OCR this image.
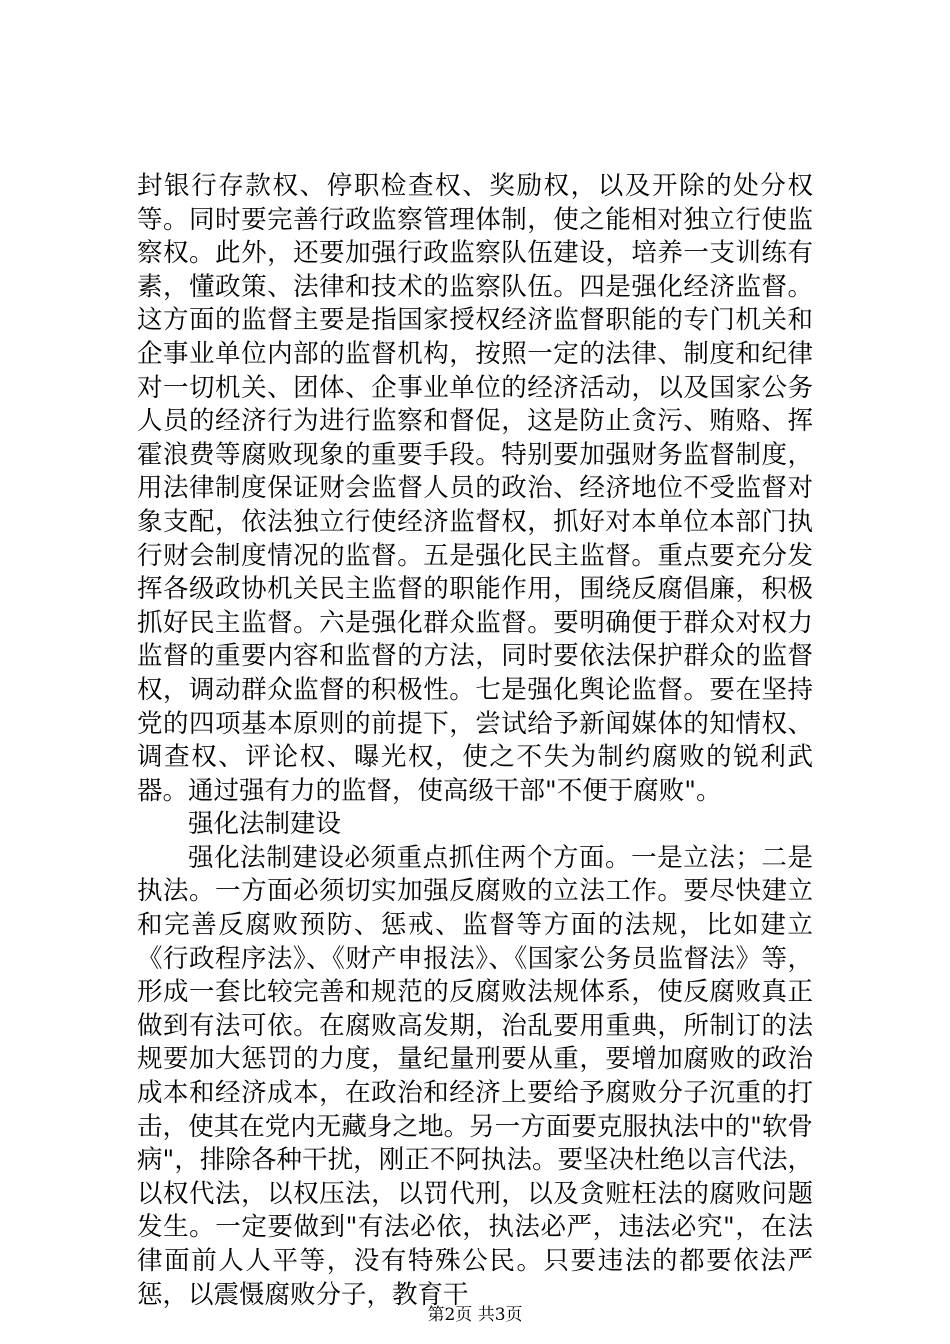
封银行存款权、停职检查权、奖励权，以及开除的处分权等。同时要完善行政监察管理体制，使之能相对独立行使监察权。此外，还要加强行政监察队伍建设，培养一支训练有素，懂政策、法律和技术的监察队伍。四是强化经济监督。这方面的监督主要是指国家授权经济监督职能的专门机关和企事业单位内部的监督机构，按照一定的法律、制度和纪律对一切机关、团体、企事业单位的经济活动，以及国家公务人员的经济行为进行监察和督促，这是防止贪污、贿赂、挥霍浪费等腐败现象的重要手段。特别要加强财务监督制度，用法律制度保证财会监督人员的政治、经济地位不受监督对象支配，依法独立行使经济监督权，抓好对本单位本部门执行财会制度情况的监督。五是强化民主监督。重点要充分发挥各级政协机关民主监督的职能作用，围绕反腐倡廉，积极抓好民主监督。六是强化群众监督。要明确便于群众对权力监督的重要内容和监督的方法，同时要依法保护群众的监督权，调动群众监督的积极性。七是强化舆论监督。要在坚持党的四项基本原则的前提下，尝试给予新闻媒体的知情权、调查权、评论权、曝光权，使之不失为制约腐败的锐利武器。通过强有力的监督，使高级干部"不便于腐败"。

强化法制建设

强化法制建设必须重点抓住两个方面。一是立法；二是执法。一方面必须切实加强反腐败的立法工作。要尽快建立和完善反腐败预防、惩戒、监督等方面的法规，比如建立《行政程序法》、《财产申报法》、《国家公务员监督法》等，形成一套比较完善和规范的反腐败法规体系，使反腐败真正做到有法可依。在腐败高发期，治乱要用重典，所制订的法规要加大惩罚的力度，量纪量刑要从重，要增加腐败的政治成本和经济成本，在政治和经济上要给予腐败分子沉重的打击，使其在党内无藏身之地。另一方面要克服执法中的"软骨病"，排除各种干扰，刚正不阿执法。要坚决杜绝以言代法，以权代法，以权压法，以罚代刑，以及贪赃枉法的腐败问题发生。一定要做到"有法必依，执法必严，违法必究"，在法律面前人人平等，没有特殊公民。只要违法的都要依法严惩，以震慑腐败分子，教育干

第2页 共3页
